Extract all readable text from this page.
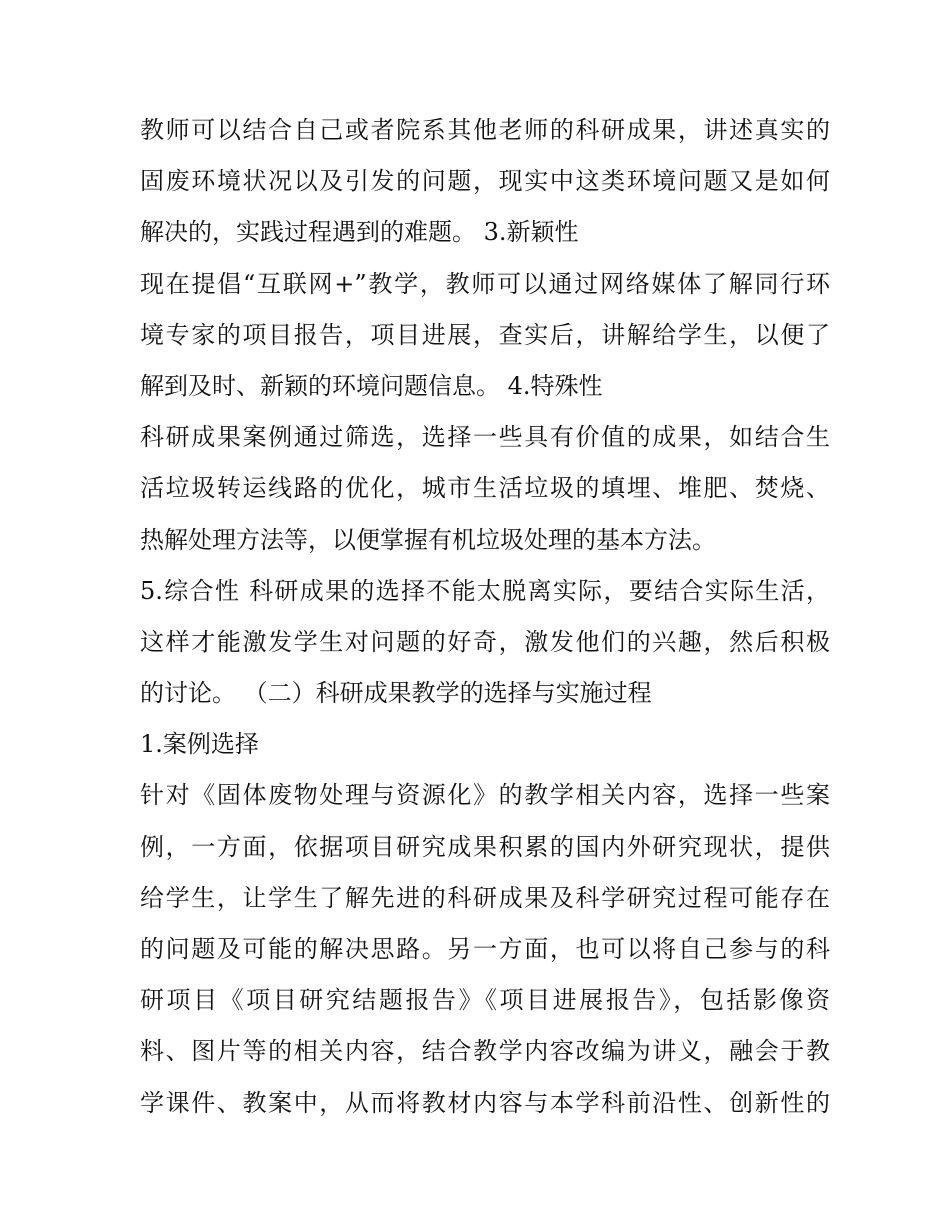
教师可以结合自己或者院系其他老师的科研成果，讲述真实的
固废环境状况以及引发的问题，现实中这类环境问题又是如何
解决的，实践过程遇到的难题。 3.新颖性
现在提倡“互联网+”教学，教师可以通过网络媒体了解同行环
境专家的项目报告，项目进展，查实后，讲解给学生，以便了
解到及时、新颖的环境问题信息。 4.特殊性
科研成果案例通过筛选，选择一些具有价值的成果，如结合生
活垃圾转运线路的优化，城市生活垃圾的填埋、堆肥、焚烧、
热解处理方法等，以便掌握有机垃圾处理的基本方法。
5.综合性 科研成果的选择不能太脱离实际，要结合实际生活，
这样才能激发学生对问题的好奇，激发他们的兴趣，然后积极
的讨论。 （二）科研成果教学的选择与实施过程
1.案例选择
针对《固体废物处理与资源化》的教学相关内容，选择一些案
例，一方面，依据项目研究成果积累的国内外研究现状，提供
给学生，让学生了解先进的科研成果及科学研究过程可能存在
的问题及可能的解决思路。另一方面，也可以将自己参与的科
研项目《项目研究结题报告》《项目进展报告》，包括影像资
料、图片等的相关内容，结合教学内容改编为讲义，融会于教
学课件、教案中，从而将教材内容与本学科前沿性、创新性的
